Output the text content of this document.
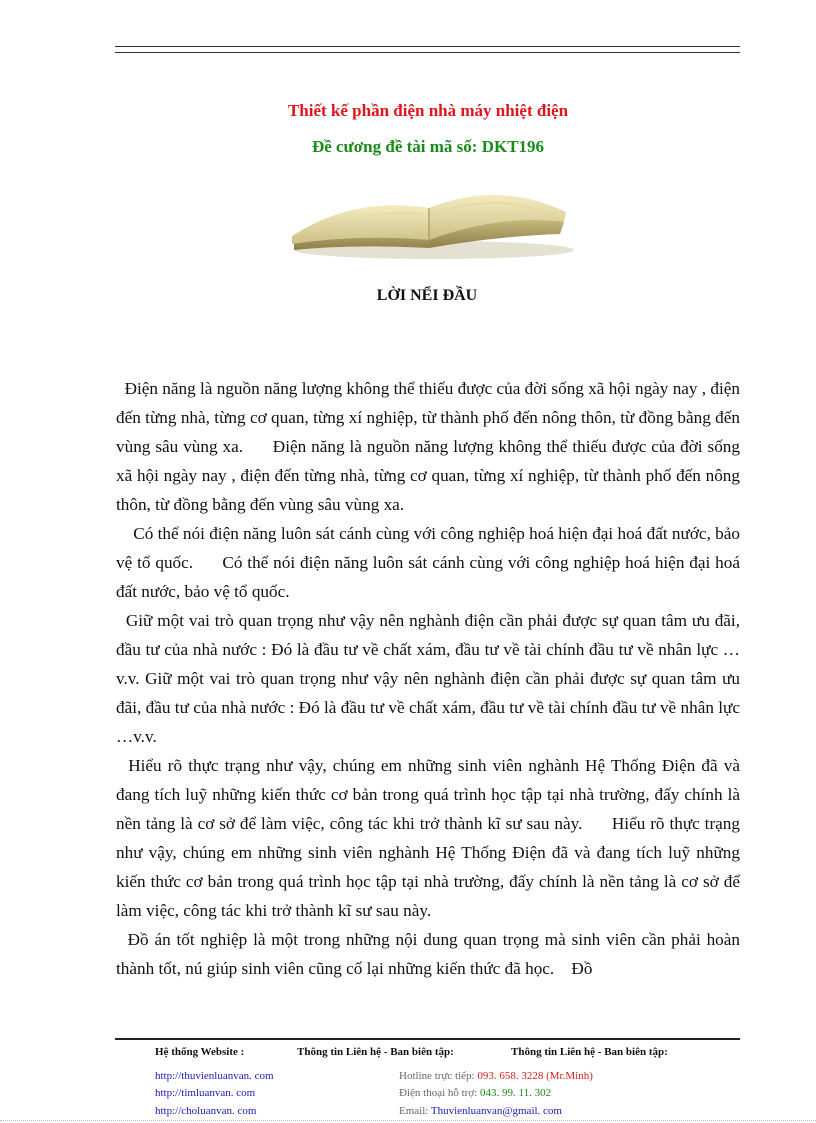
Thiết kế phần điện nhà máy nhiệt điện
Đề cương đề tài mã số: DKT196
LỜI NỂI ĐẦU

Điện năng là nguồn năng lượng không thể thiếu được của đời sống xã hội ngày nay , điện đến từng nhà, từng cơ quan, từng xí nghiệp, từ thành phố đến nông thôn, từ đồng bằng đến vùng sâu vùng xa.      Điện năng là nguồn năng lượng không thể thiếu được của đời sống xã hội ngày nay , điện đến từng nhà, từng cơ quan, từng xí nghiệp, từ thành phố đến nông thôn, từ đồng bằng đến vùng sâu vùng xa.

Có thể nói điện năng luôn sát cánh cùng với công nghiệp hoá hiện đại hoá đất nước, bảo vệ tổ quốc.      Có thể nói điện năng luôn sát cánh cùng với công nghiệp hoá hiện đại hoá đất nước, bảo vệ tổ quốc.

Giữ một vai trò quan trọng như vậy nên nghành điện cần phải được sự quan tâm ưu đãi, đầu tư của nhà nước : Đó là đầu tư về chất xám, đầu tư về tài chính đầu tư về nhân lực …v.v. Giữ một vai trò quan trọng như vậy nên nghành điện cần phải được sự quan tâm ưu đãi, đầu tư của nhà nước : Đó là đầu tư về chất xám, đầu tư về tài chính đầu tư về nhân lực …v.v.

Hiểu rõ thực trạng như vậy, chúng em những sinh viên nghành Hệ Thống Điện đã và đang tích luỹ những kiến thức cơ bản trong quá trình học tập tại nhà trường, đấy chính là nền tảng là cơ sở để làm việc, công tác khi trở thành kĩ sư sau này.      Hiểu rõ thực trạng như vậy, chúng em những sinh viên nghành Hệ Thống Điện đã và đang tích luỹ những kiến thức cơ bản trong quá trình học tập tại nhà trường, đấy chính là nền tảng là cơ sở để làm việc, công tác khi trở thành kĩ sư sau này.

Đồ án tốt nghiệp là một trong những nội dung quan trọng mà sinh viên cần phải hoàn thành tốt, nú giúp sinh viên cũng cố lại những kiến thức đã học.    Đồ

Hệ thống Website :
http://thuvienluanvan. com
http://timluanvan. com
http://choluanvan. com
Thông tin Liên hệ - Ban biên tập:
Hotline trực tiếp: 093. 658. 3228 (Mr.Minh)
Điện thoại hỗ trợ: 043. 99. 11. 302
Email: Thuvienluanvan@gmail. com
Thông tin Liên hệ - Ban biên tập:
